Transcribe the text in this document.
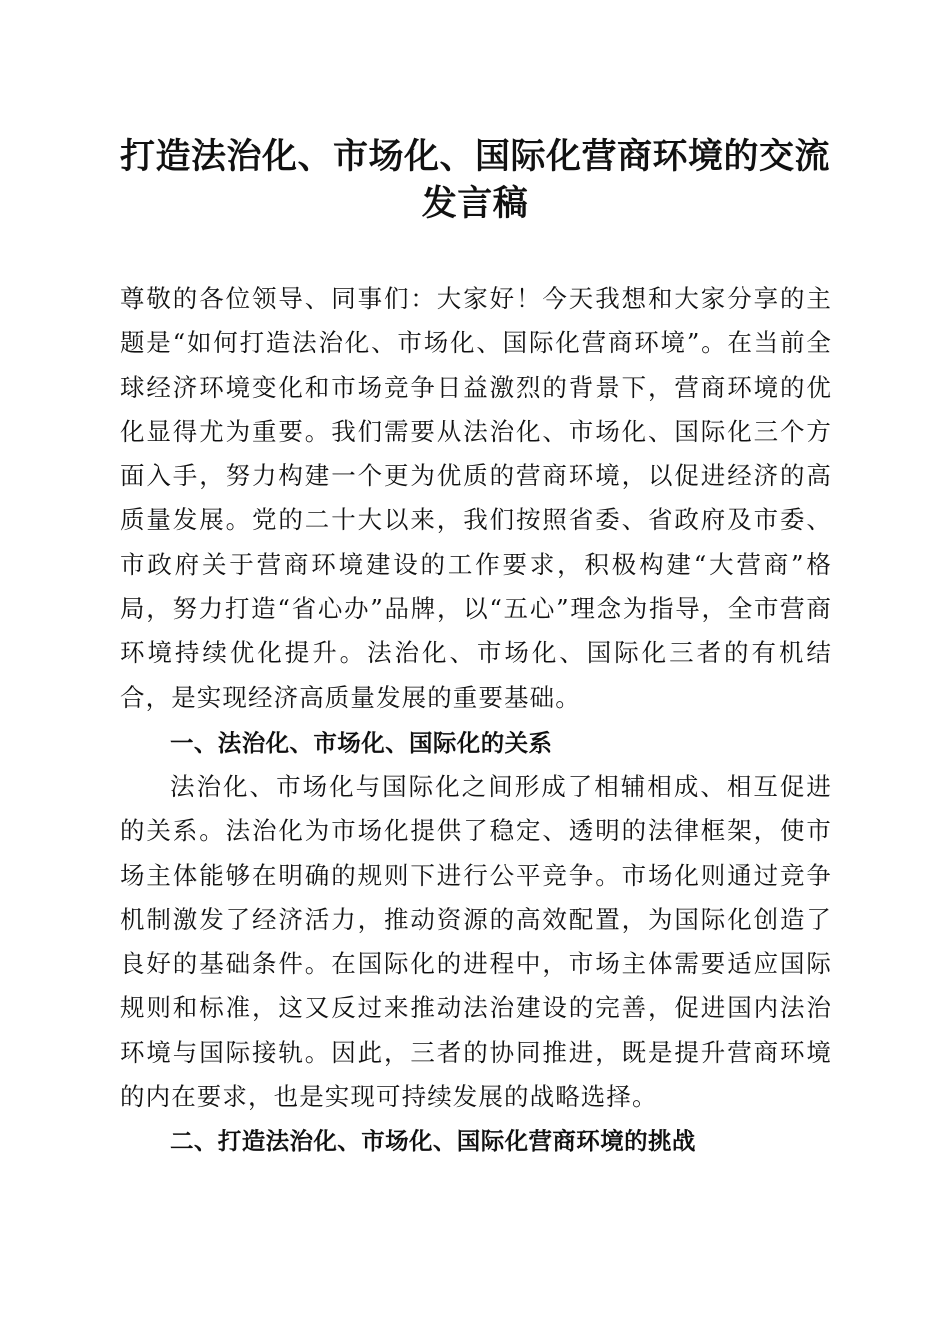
打造法治化、市场化、国际化营商环境的交流
发言稿

尊敬的各位领导、同事们：大家好！今天我想和大家分享的主题是“如何打造法治化、市场化、国际化营商环境”。在当前全球经济环境变化和市场竞争日益激烈的背景下，营商环境的优化显得尤为重要。我们需要从法治化、市场化、国际化三个方面入手，努力构建一个更为优质的营商环境，以促进经济的高质量发展。党的二十大以来，我们按照省委、省政府及市委、市政府关于营商环境建设的工作要求，积极构建“大营商”格局，努力打造“省心办”品牌，以“五心”理念为指导，全市营商环境持续优化提升。法治化、市场化、国际化三者的有机结合，是实现经济高质量发展的重要基础。

一、法治化、市场化、国际化的关系

法治化、市场化与国际化之间形成了相辅相成、相互促进的关系。法治化为市场化提供了稳定、透明的法律框架，使市场主体能够在明确的规则下进行公平竞争。市场化则通过竞争机制激发了经济活力，推动资源的高效配置，为国际化创造了良好的基础条件。在国际化的进程中，市场主体需要适应国际规则和标准，这又反过来推动法治建设的完善，促进国内法治环境与国际接轨。因此，三者的协同推进，既是提升营商环境的内在要求，也是实现可持续发展的战略选择。

二、打造法治化、市场化、国际化营商环境的挑战
